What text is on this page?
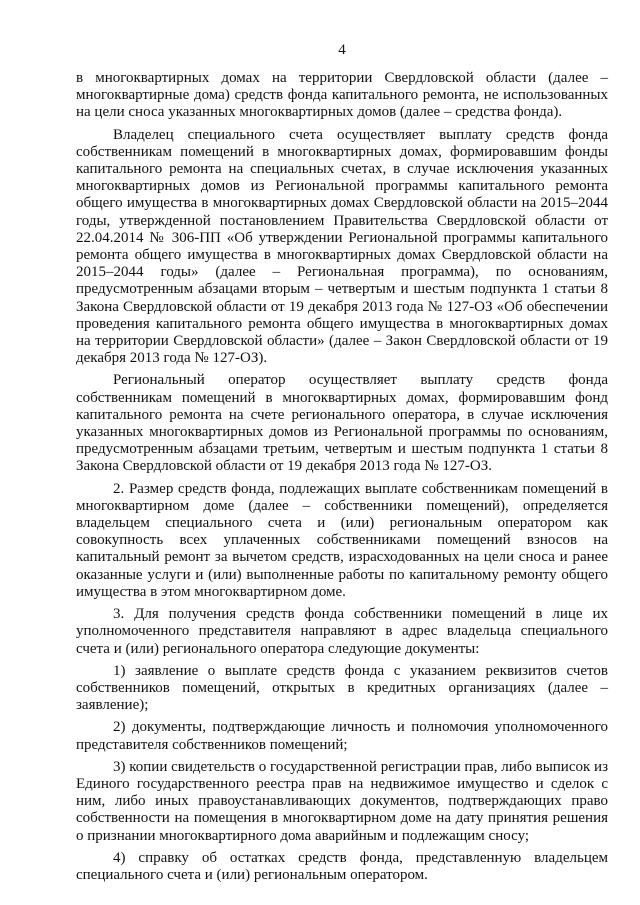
4

в многоквартирных домах на территории Свердловской области (далее – многоквартирные дома) средств фонда капитального ремонта, не использованных на цели сноса указанных многоквартирных домов (далее – средства фонда).

Владелец специального счета осуществляет выплату средств фонда собственникам помещений в многоквартирных домах, формировавшим фонды капитального ремонта на специальных счетах, в случае исключения указанных многоквартирных домов из Региональной программы капитального ремонта общего имущества в многоквартирных домах Свердловской области на 2015–2044 годы, утвержденной постановлением Правительства Свердловской области от 22.04.2014 № 306-ПП «Об утверждении Региональной программы капитального ремонта общего имущества в многоквартирных домах Свердловской области на 2015–2044 годы» (далее – Региональная программа), по основаниям, предусмотренным абзацами вторым – четвертым и шестым подпункта 1 статьи 8 Закона Свердловской области от 19 декабря 2013 года № 127-ОЗ «Об обеспечении проведения капитального ремонта общего имущества в многоквартирных домах на территории Свердловской области» (далее – Закон Свердловской области от 19 декабря 2013 года № 127-ОЗ).

Региональный оператор осуществляет выплату средств фонда собственникам помещений в многоквартирных домах, формировавшим фонд капитального ремонта на счете регионального оператора, в случае исключения указанных многоквартирных домов из Региональной программы по основаниям, предусмотренным абзацами третьим, четвертым и шестым подпункта 1 статьи 8 Закона Свердловской области от 19 декабря 2013 года № 127-ОЗ.

2. Размер средств фонда, подлежащих выплате собственникам помещений в многоквартирном доме (далее – собственники помещений), определяется владельцем специального счета и (или) региональным оператором как совокупность всех уплаченных собственниками помещений взносов на капитальный ремонт за вычетом средств, израсходованных на цели сноса и ранее оказанные услуги и (или) выполненные работы по капитальному ремонту общего имущества в этом многоквартирном доме.

3. Для получения средств фонда собственники помещений в лице их уполномоченного представителя направляют в адрес владельца специального счета и (или) регионального оператора следующие документы:

1) заявление о выплате средств фонда с указанием реквизитов счетов собственников помещений, открытых в кредитных организациях (далее – заявление);

2) документы, подтверждающие личность и полномочия уполномоченного представителя собственников помещений;

3) копии свидетельств о государственной регистрации прав, либо выписок из Единого государственного реестра прав на недвижимое имущество и сделок с ним, либо иных правоустанавливающих документов, подтверждающих право собственности на помещения в многоквартирном доме на дату принятия решения о признании многоквартирного дома аварийным и подлежащим сносу;

4) справку об остатках средств фонда, представленную владельцем специального счета и (или) региональным оператором.
